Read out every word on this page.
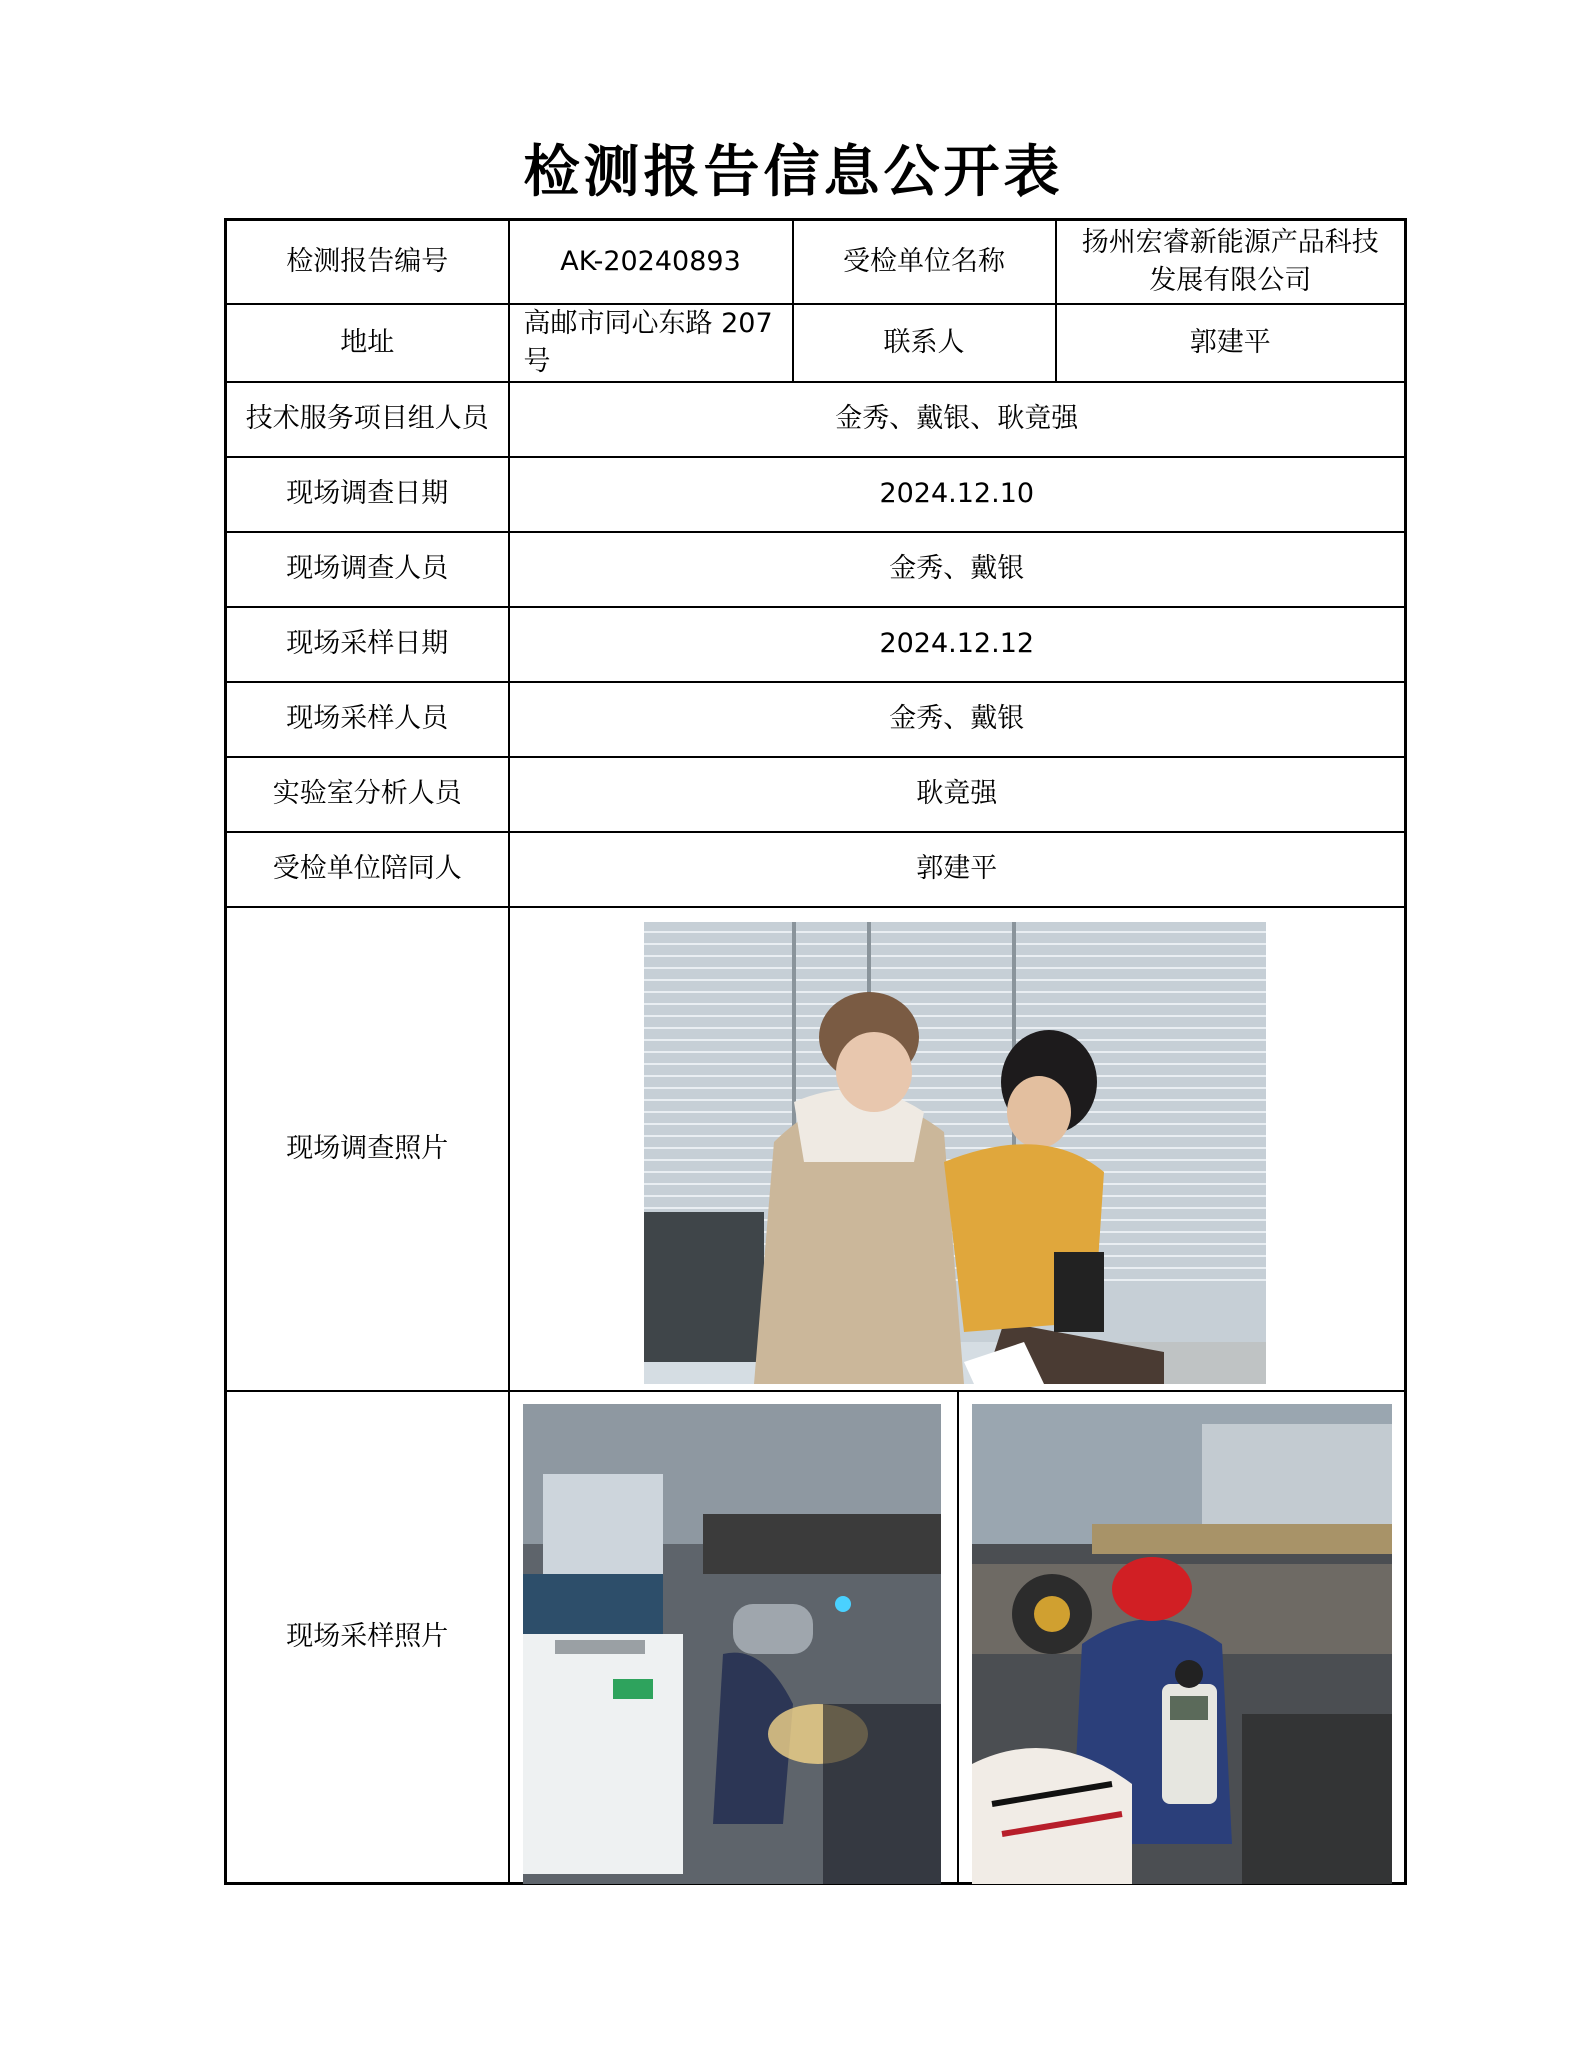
检测报告信息公开表
检测报告编号	AK-20240893	受检单位名称	扬州宏睿新能源产品科技发展有限公司
地址	高邮市同心东路 207号	联系人	郭建平
技术服务项目组人员	金秀、戴银、耿竟强		
现场调查日期	2024.12.10		
现场调查人员	金秀、戴银		
现场采样日期	2024.12.12		
现场采样人员	金秀、戴银		
实验室分析人员	耿竟强		
受检单位陪同人	郭建平		
现场调查照片	

现场采样照片	
